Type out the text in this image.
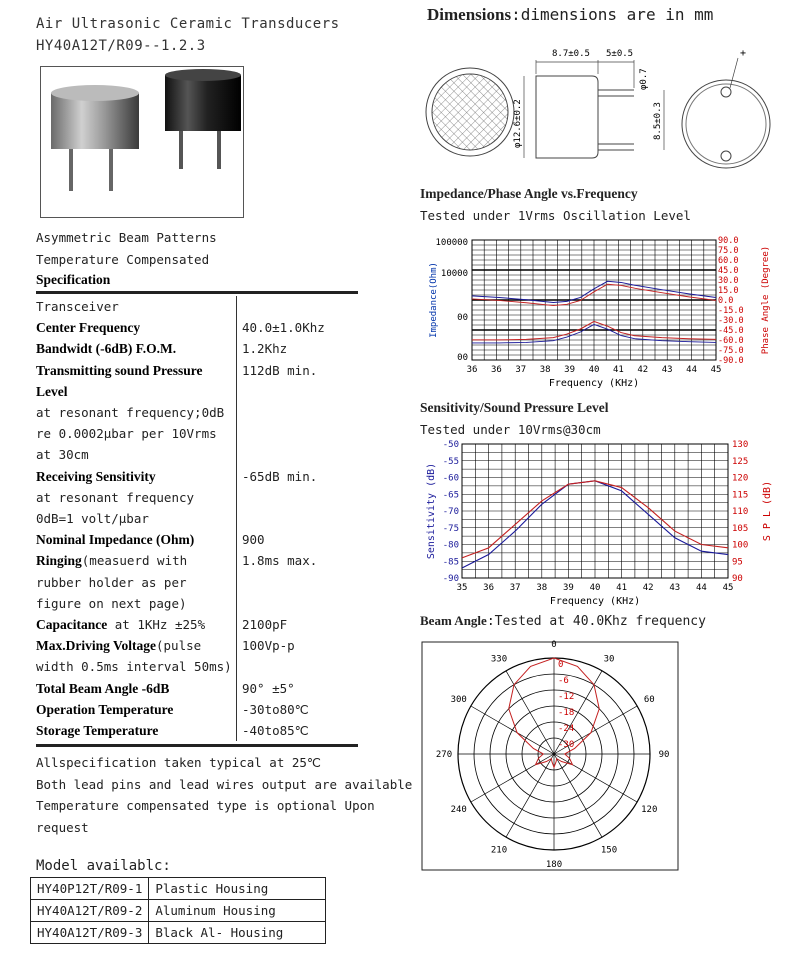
Air Ultrasonic Ceramic Transducers
HY40A12T/R09--1.2.3
Asymmetric Beam Patterns
Temperature Compensated
Specification
Transceiver	
Center Frequency	40.0±1.0Khz
Bandwidt (-6dB) F.O.M.	1.2Khz
Transmitting sound Pressure Level
at resonant frequency;0dB re 0.0002μbar per 10Vrms at 30cm	112dB min.
Receiving Sensitivity
at resonant frequency 0dB=1 volt/μbar	-65dB min.
Nominal Impedance (Ohm)	900
Ringing(measuerd with rubber holder as per figure on next page)	1.8ms max.
Capacitance at 1KHz ±25%	2100pF
Max.Driving Voltage(pulse width 0.5ms interval 50ms)	100Vp-p
Total Beam Angle -6dB	90° ±5°
Operation Temperature	-30to80℃
Storage Temperature	-40to85℃
Allspecification taken typical at 25℃
Both lead pins and lead wires output are available
Temperature compensated type is optional Upon
request
Model availablc:
HY40P12T/R09-1	Plastic Housing
HY40A12T/R09-2	Aluminum Housing
HY40A12T/R09-3	Black Al- Housing
Dimensions:dimensions are in mm
8.7±0.5 5±0.5
φ12.6±0.2
φ0.7
8.5±0.3
+
Impedance/Phase Angle vs.Frequency
Tested under 1Vrms Oscillation Level
100000
10000
00
00
90.0
75.0
60.0
45.0
30.0
15.0
0.0
-15.0
-30.0
-45.0
-60.0
-75.0
-90.0
36 36 37 38 39 40 41 42 43 44 45
Frequency (KHz)
Impedance(Ohm)	Phase Angle (Degree)
Sensitivity/Sound Pressure Level
Tested under 10Vrms@30cm
-50
-55
-60
-65
-70
-75
-80
-85
-90
130
125
120
115
110
105
100
95
90
35 36 37 38 39 40 41 42 43 44 45
Frequency (KHz)
Sensitivity (dB)	S P L (dB)
Beam Angle:Tested at 40.0Khz frequency
0
30
60
90
120
150
180
210
240
270
300
330
0
-6
-12
-18
-24
-30
